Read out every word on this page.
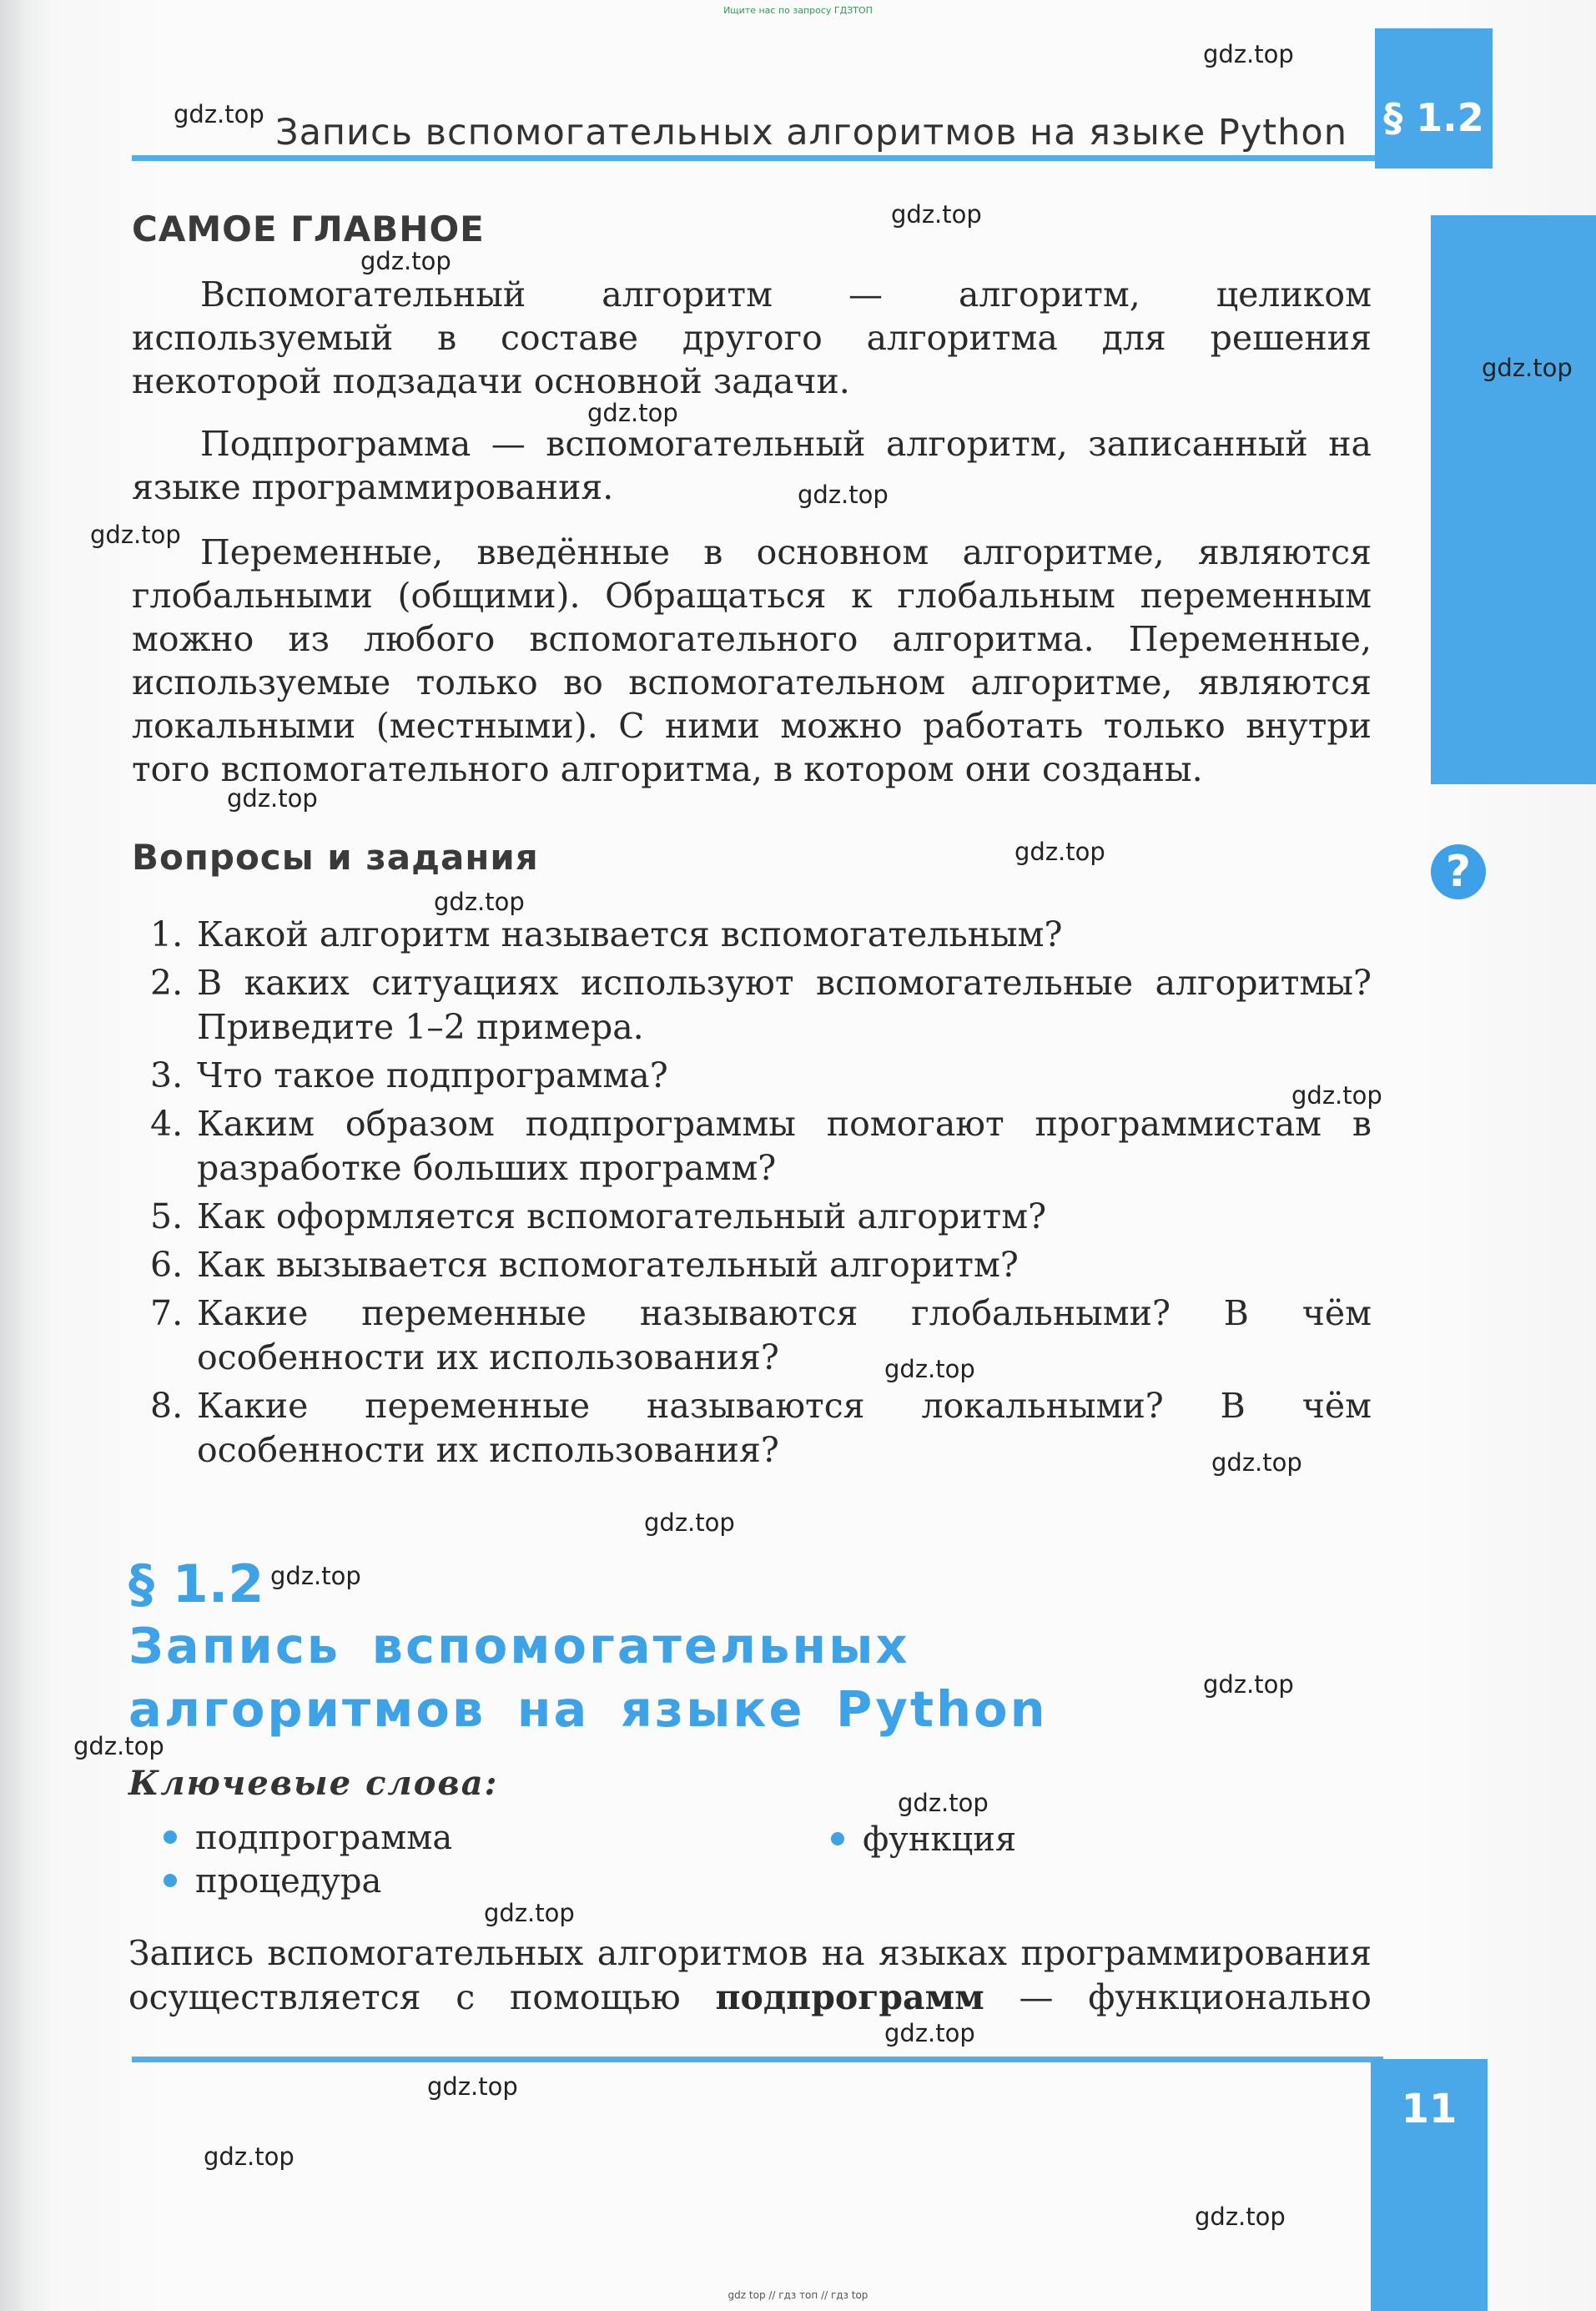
Ищите нас по запросу ГДЗТОП
Запись вспомогательных алгоритмов на языке Python § 1.2
?
САМОЕ ГЛАВНОЕ
Вспомогательный алгоритм — алгоритм, целиком используемый в составе другого алгоритма для решения некоторой подзадачи основной задачи.
Подпрограмма — вспомогательный алгоритм, записанный на языке программирования.
Переменные, введённые в основном алгоритме, являются глобальными (общими). Обращаться к глобальным переменным можно из любого вспомогательного алгоритма. Переменные, используемые только во вспомогательном алгоритме, являются локальными (местными). С ними можно работать только внутри того вспомогательного алгоритма, в котором они созданы.
Вопросы и задания
1. Какой алгоритм называется вспомогательным?
2. В каких ситуациях используют вспомогательные алгоритмы? Приведите 1–2 примера.
3. Что такое подпрограмма?
4. Каким образом подпрограммы помогают программистам в разработке больших программ?
5. Как оформляется вспомогательный алгоритм?
6. Как вызывается вспомогательный алгоритм?
7. Какие переменные называются глобальными? В чём особенности их использования?
8. Какие переменные называются локальными? В чём особенности их использования?
§ 1.2
Запись вспомогательных алгоритмов на языке Python
Ключевые слова:
подпрограмма	функция
процедура
Запись вспомогательных алгоритмов на языках программирования осуществляется с помощью подпрограмм — функционально
11
gdz.top
gdz.top
gdz.top
gdz.top
gdz.top
gdz.top
gdz.top
gdz.top
gdz.top
gdz.top
gdz.top
gdz.top
gdz.top
gdz.top
gdz.top
gdz.top
gdz.top
gdz.top
gdz.top
gdz.top
gdz.top
gdz.top
gdz.top
gdz.top
gdz top // гдз топ // гдз top
